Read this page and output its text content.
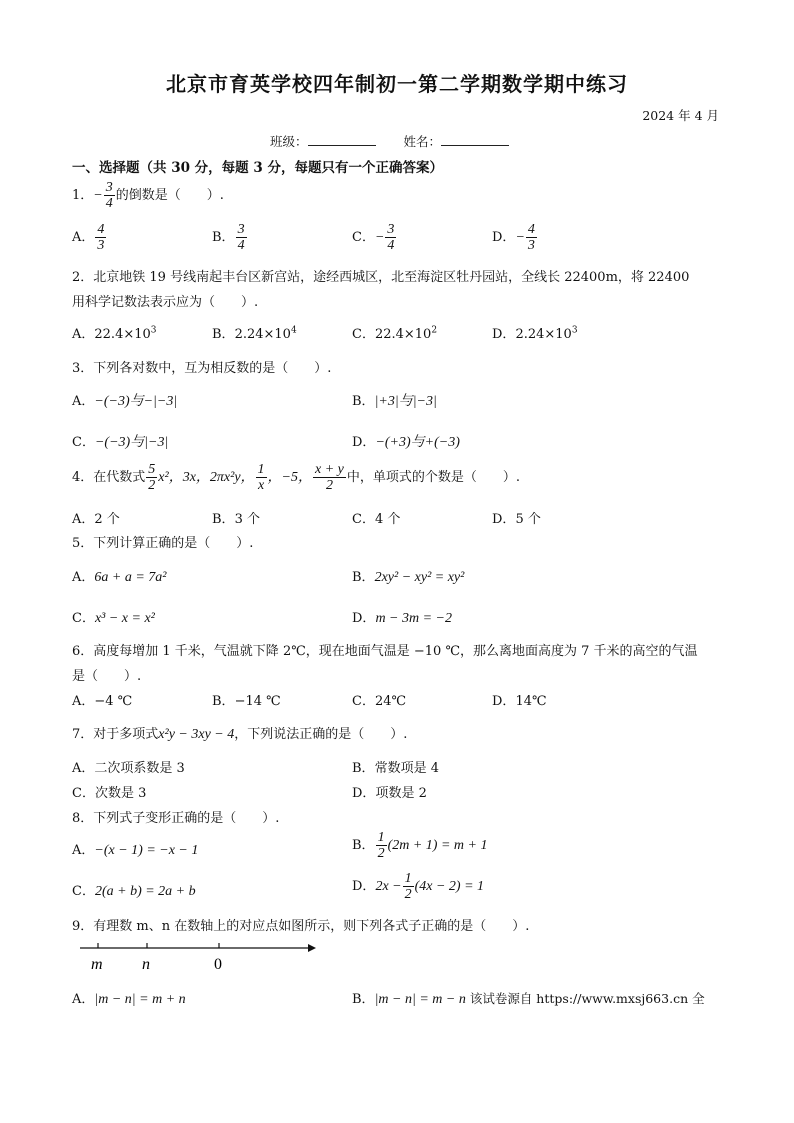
北京市育英学校四年制初一第二学期数学期中练习
2024 年 4 月
班级：	姓名：
一、选择题（共 30 分，每题 3 分，每题只有一个正确答案）
1．− $\frac{3}{4}$ 的倒数是（　　）.
A． $\frac{4}{3}$	B． $\frac{3}{4}$	C．− $\frac{3}{4}$	D．− $\frac{4}{3}$
2．北京地铁 19 号线南起丰台区新宫站，途经西城区，北至海淀区牡丹园站，全线长 22400m，将 22400
用科学记数法表示应为（　　）.
A．$22.4\times 10^3$	B．$2.24\times 10^4$	C．$22.4\times 10^2$	D．$2.24\times 10^3$
3．下列各对数中，互为相反数的是（　　）.
A．−(−3)与−|−3|	B．|+3|与|−3|
C．−(−3)与|−3|	D．−(+3)与+(−3)
4．在代数式 $\frac{5}{2} x^2$，3x，2πx²y， $\frac{1}{x}$ ，−5， $\frac{x + y}{2}$ 中，单项式的个数是（　　）.
A．2 个	B．3 个	C．4 个	D．5 个
5．下列计算正确的是（　　）.
A．6a + a = 7a²	B．2xy² − xy² = xy²
C．x³ − x = x²	D．m − 3m = −2
6．高度每增加 1 千米，气温就下降 2℃，现在地面气温是 −10 ℃，那么离地面高度为 7 千米的高空的气温
是（　　）.
A．−4 ℃	B．−14 ℃	C．24℃	D．14℃
7．对于多项式x²y − 3xy − 4，下列说法正确的是（　　）.
A．二次项系数是 3	B．常数项是 4
C．次数是 3	D．项数是 2
8．下列式子变形正确的是（　　）.
A．−(x − 1) = −x − 1	B． $\frac{1}{2} (2m + 1) = m + 1$
C．2(a + b) = 2a + b	D．$2x - \frac{1}{2} (4x - 2) = 1$
9．有理数 m、n 在数轴上的对应点如图所示，则下列各式子正确的是（　　）.
m n	0
A．|m − n| = m + n	B．|m − n| = m − n 该试卷源自 https://www.mxsj663.cn 全
